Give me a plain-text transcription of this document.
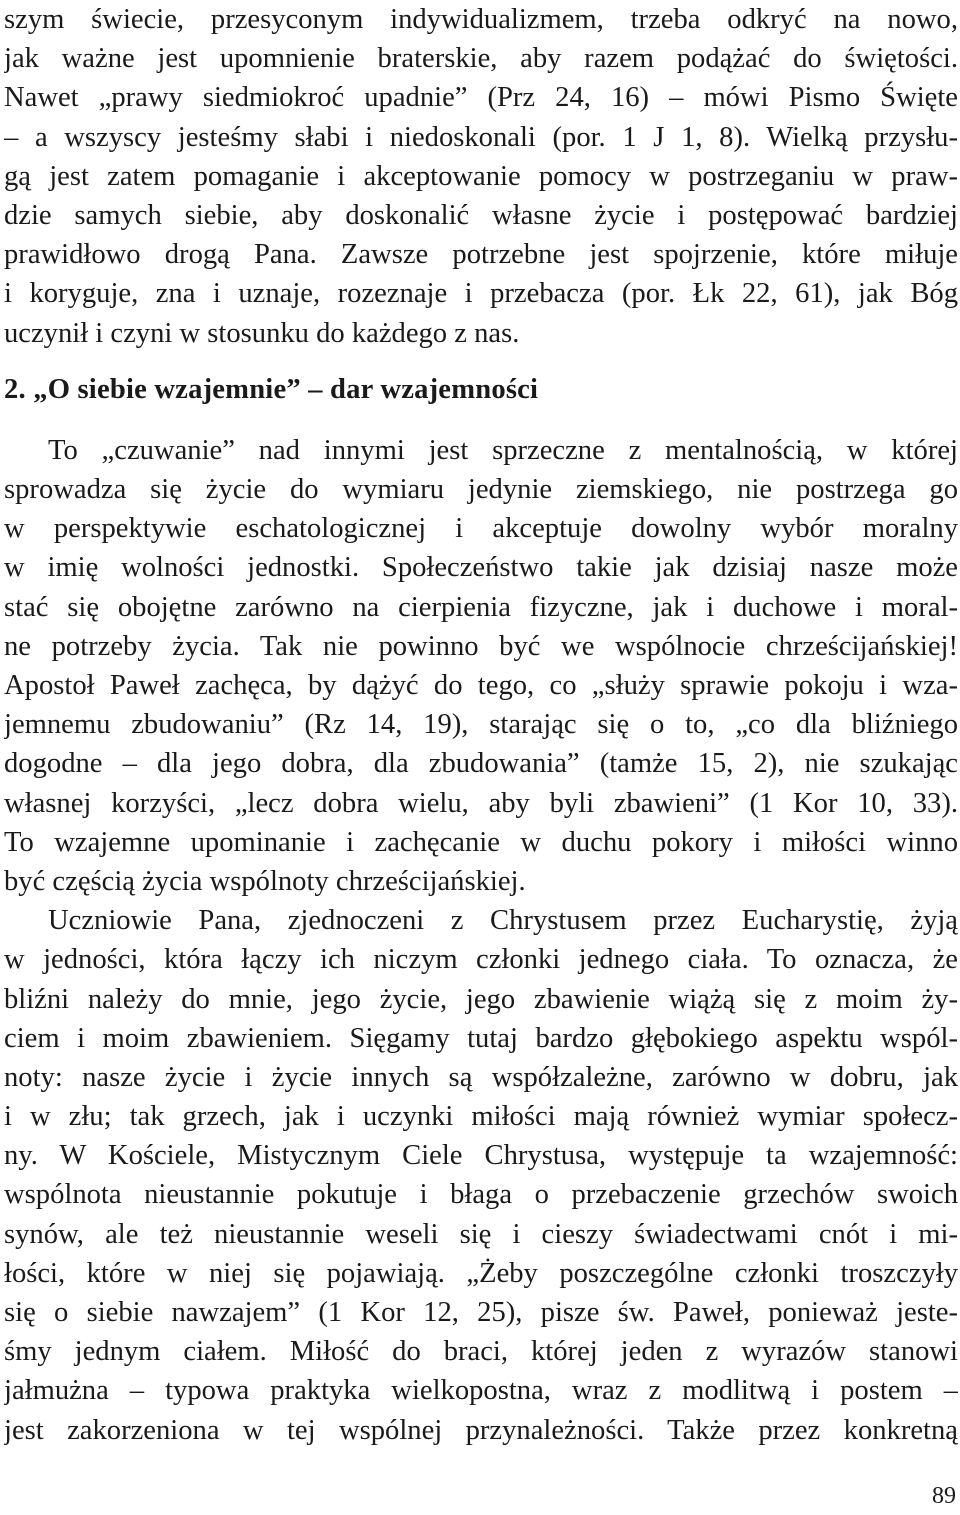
szym świecie, przesyconym indywidualizmem, trzeba odkryć na nowo,
jak ważne jest upomnienie braterskie, aby razem podążać do świętości.
Nawet „prawy siedmiokroć upadnie” (Prz 24, 16) – mówi Pismo Święte
– a wszyscy jesteśmy słabi i niedoskonali (por. 1 J 1, 8). Wielką przysłu-
gą jest zatem pomaganie i akceptowanie pomocy w postrzeganiu w praw-
dzie samych siebie, aby doskonalić własne życie i postępować bardziej
prawidłowo drogą Pana. Zawsze potrzebne jest spojrzenie, które miłuje
i koryguje, zna i uznaje, rozeznaje i przebacza (por. Łk 22, 61), jak Bóg
uczynił i czyni w stosunku do każdego z nas.
2. „O siebie wzajemnie” – dar wzajemności
To „czuwanie” nad innymi jest sprzeczne z mentalnością, w której
sprowadza się życie do wymiaru jedynie ziemskiego, nie postrzega go
w perspektywie eschatologicznej i akceptuje dowolny wybór moralny
w imię wolności jednostki. Społeczeństwo takie jak dzisiaj nasze może
stać się obojętne zarówno na cierpienia fizyczne, jak i duchowe i moral-
ne potrzeby życia. Tak nie powinno być we wspólnocie chrześcijańskiej!
Apostoł Paweł zachęca, by dążyć do tego, co „służy sprawie pokoju i wza-
jemnemu zbudowaniu” (Rz 14, 19), starając się o to, „co dla bliźniego
dogodne – dla jego dobra, dla zbudowania” (tamże 15, 2), nie szukając
własnej korzyści, „lecz dobra wielu, aby byli zbawieni” (1 Kor 10, 33).
To wzajemne upominanie i zachęcanie w duchu pokory i miłości winno
być częścią życia wspólnoty chrześcijańskiej.
Uczniowie Pana, zjednoczeni z Chrystusem przez Eucharystię, żyją
w jedności, która łączy ich niczym członki jednego ciała. To oznacza, że
bliźni należy do mnie, jego życie, jego zbawienie wiążą się z moim ży-
ciem i moim zbawieniem. Sięgamy tutaj bardzo głębokiego aspektu wspól-
noty: nasze życie i życie innych są współzależne, zarówno w dobru, jak
i w złu; tak grzech, jak i uczynki miłości mają również wymiar społecz-
ny. W Kościele, Mistycznym Ciele Chrystusa, występuje ta wzajemność:
wspólnota nieustannie pokutuje i błaga o przebaczenie grzechów swoich
synów, ale też nieustannie weseli się i cieszy świadectwami cnót i mi-
łości, które w niej się pojawiają. „Żeby poszczególne członki troszczyły
się o siebie nawzajem” (1 Kor 12, 25), pisze św. Paweł, ponieważ jeste-
śmy jednym ciałem. Miłość do braci, której jeden z wyrazów stanowi
jałmużna – typowa praktyka wielkopostna, wraz z modlitwą i postem –
jest zakorzeniona w tej wspólnej przynależności. Także przez konkretną
89
